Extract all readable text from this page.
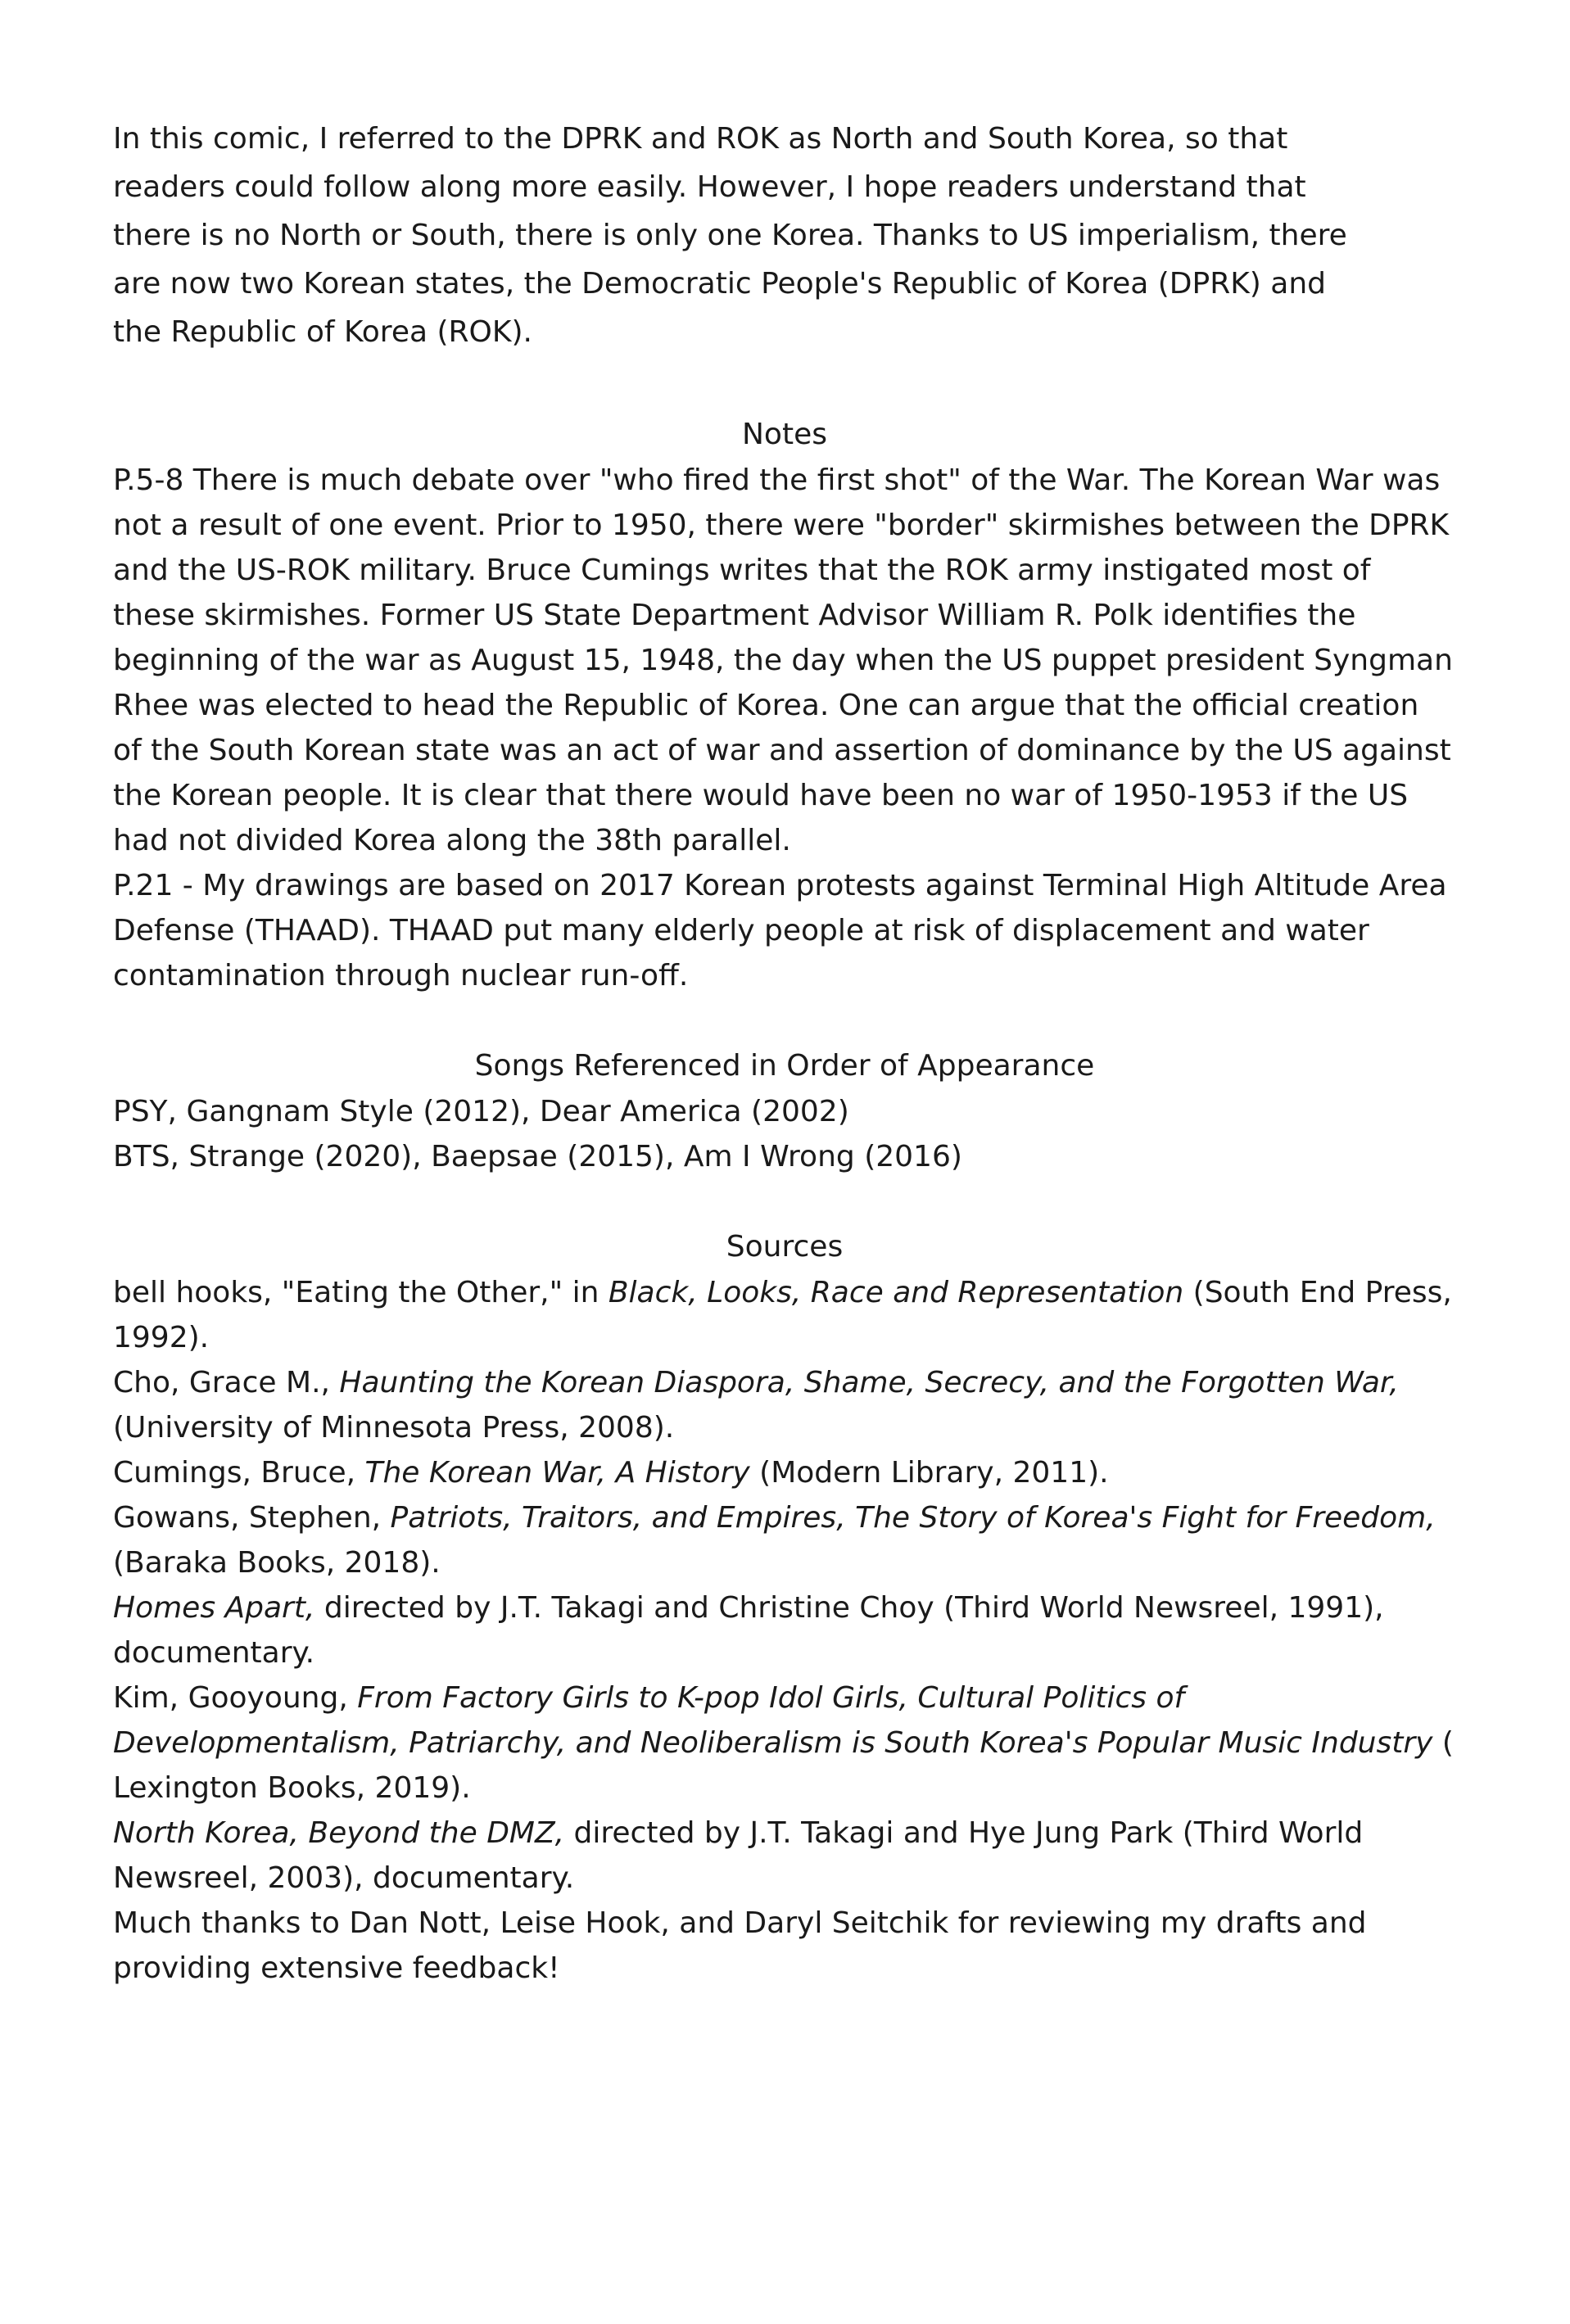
In this comic, I referred to the DPRK and ROK as North and South Korea, so that readers could follow along more easily. However, I hope readers understand that there is no North or South, there is only one Korea. Thanks to US imperialism, there are now two Korean states, the Democratic People's Republic of Korea (DPRK) and the Republic of Korea (ROK).

Notes

P.5-8 There is much debate over "who fired the first shot" of the War. The Korean War was not a result of one event. Prior to 1950, there were "border" skirmishes between the DPRK and the US-ROK military. Bruce Cumings writes that the ROK army instigated most of these skirmishes. Former US State Department Advisor William R. Polk identifies the beginning of the war as August 15, 1948, the day when the US puppet president Syngman Rhee was elected to head the Republic of Korea. One can argue that the official creation of the South Korean state was an act of war and assertion of dominance by the US against the Korean people. It is clear that there would have been no war of 1950-1953 if the US had not divided Korea along the 38th parallel.

P.21 - My drawings are based on 2017 Korean protests against Terminal High Altitude Area Defense (THAAD). THAAD put many elderly people at risk of displacement and water contamination through nuclear run-off.

Songs Referenced in Order of Appearance

PSY, Gangnam Style (2012), Dear America (2002)

BTS, Strange (2020), Baepsae (2015), Am I Wrong (2016)

Sources

bell hooks, "Eating the Other," in Black, Looks, Race and Representation (South End Press, 1992).

Cho, Grace M., Haunting the Korean Diaspora, Shame, Secrecy, and the Forgotten War, (University of Minnesota Press, 2008).

Cumings, Bruce, The Korean War, A History (Modern Library, 2011).

Gowans, Stephen, Patriots, Traitors, and Empires, The Story of Korea's Fight for Freedom, (Baraka Books, 2018).

Homes Apart, directed by J.T. Takagi and Christine Choy (Third World Newsreel, 1991), documentary.

Kim, Gooyoung, From Factory Girls to K-pop Idol Girls, Cultural Politics of Developmentalism, Patriarchy, and Neoliberalism is South Korea's Popular Music Industry ( Lexington Books, 2019).

North Korea, Beyond the DMZ, directed by J.T. Takagi and Hye Jung Park (Third World Newsreel, 2003), documentary.

Much thanks to Dan Nott, Leise Hook, and Daryl Seitchik for reviewing my drafts and providing extensive feedback!
